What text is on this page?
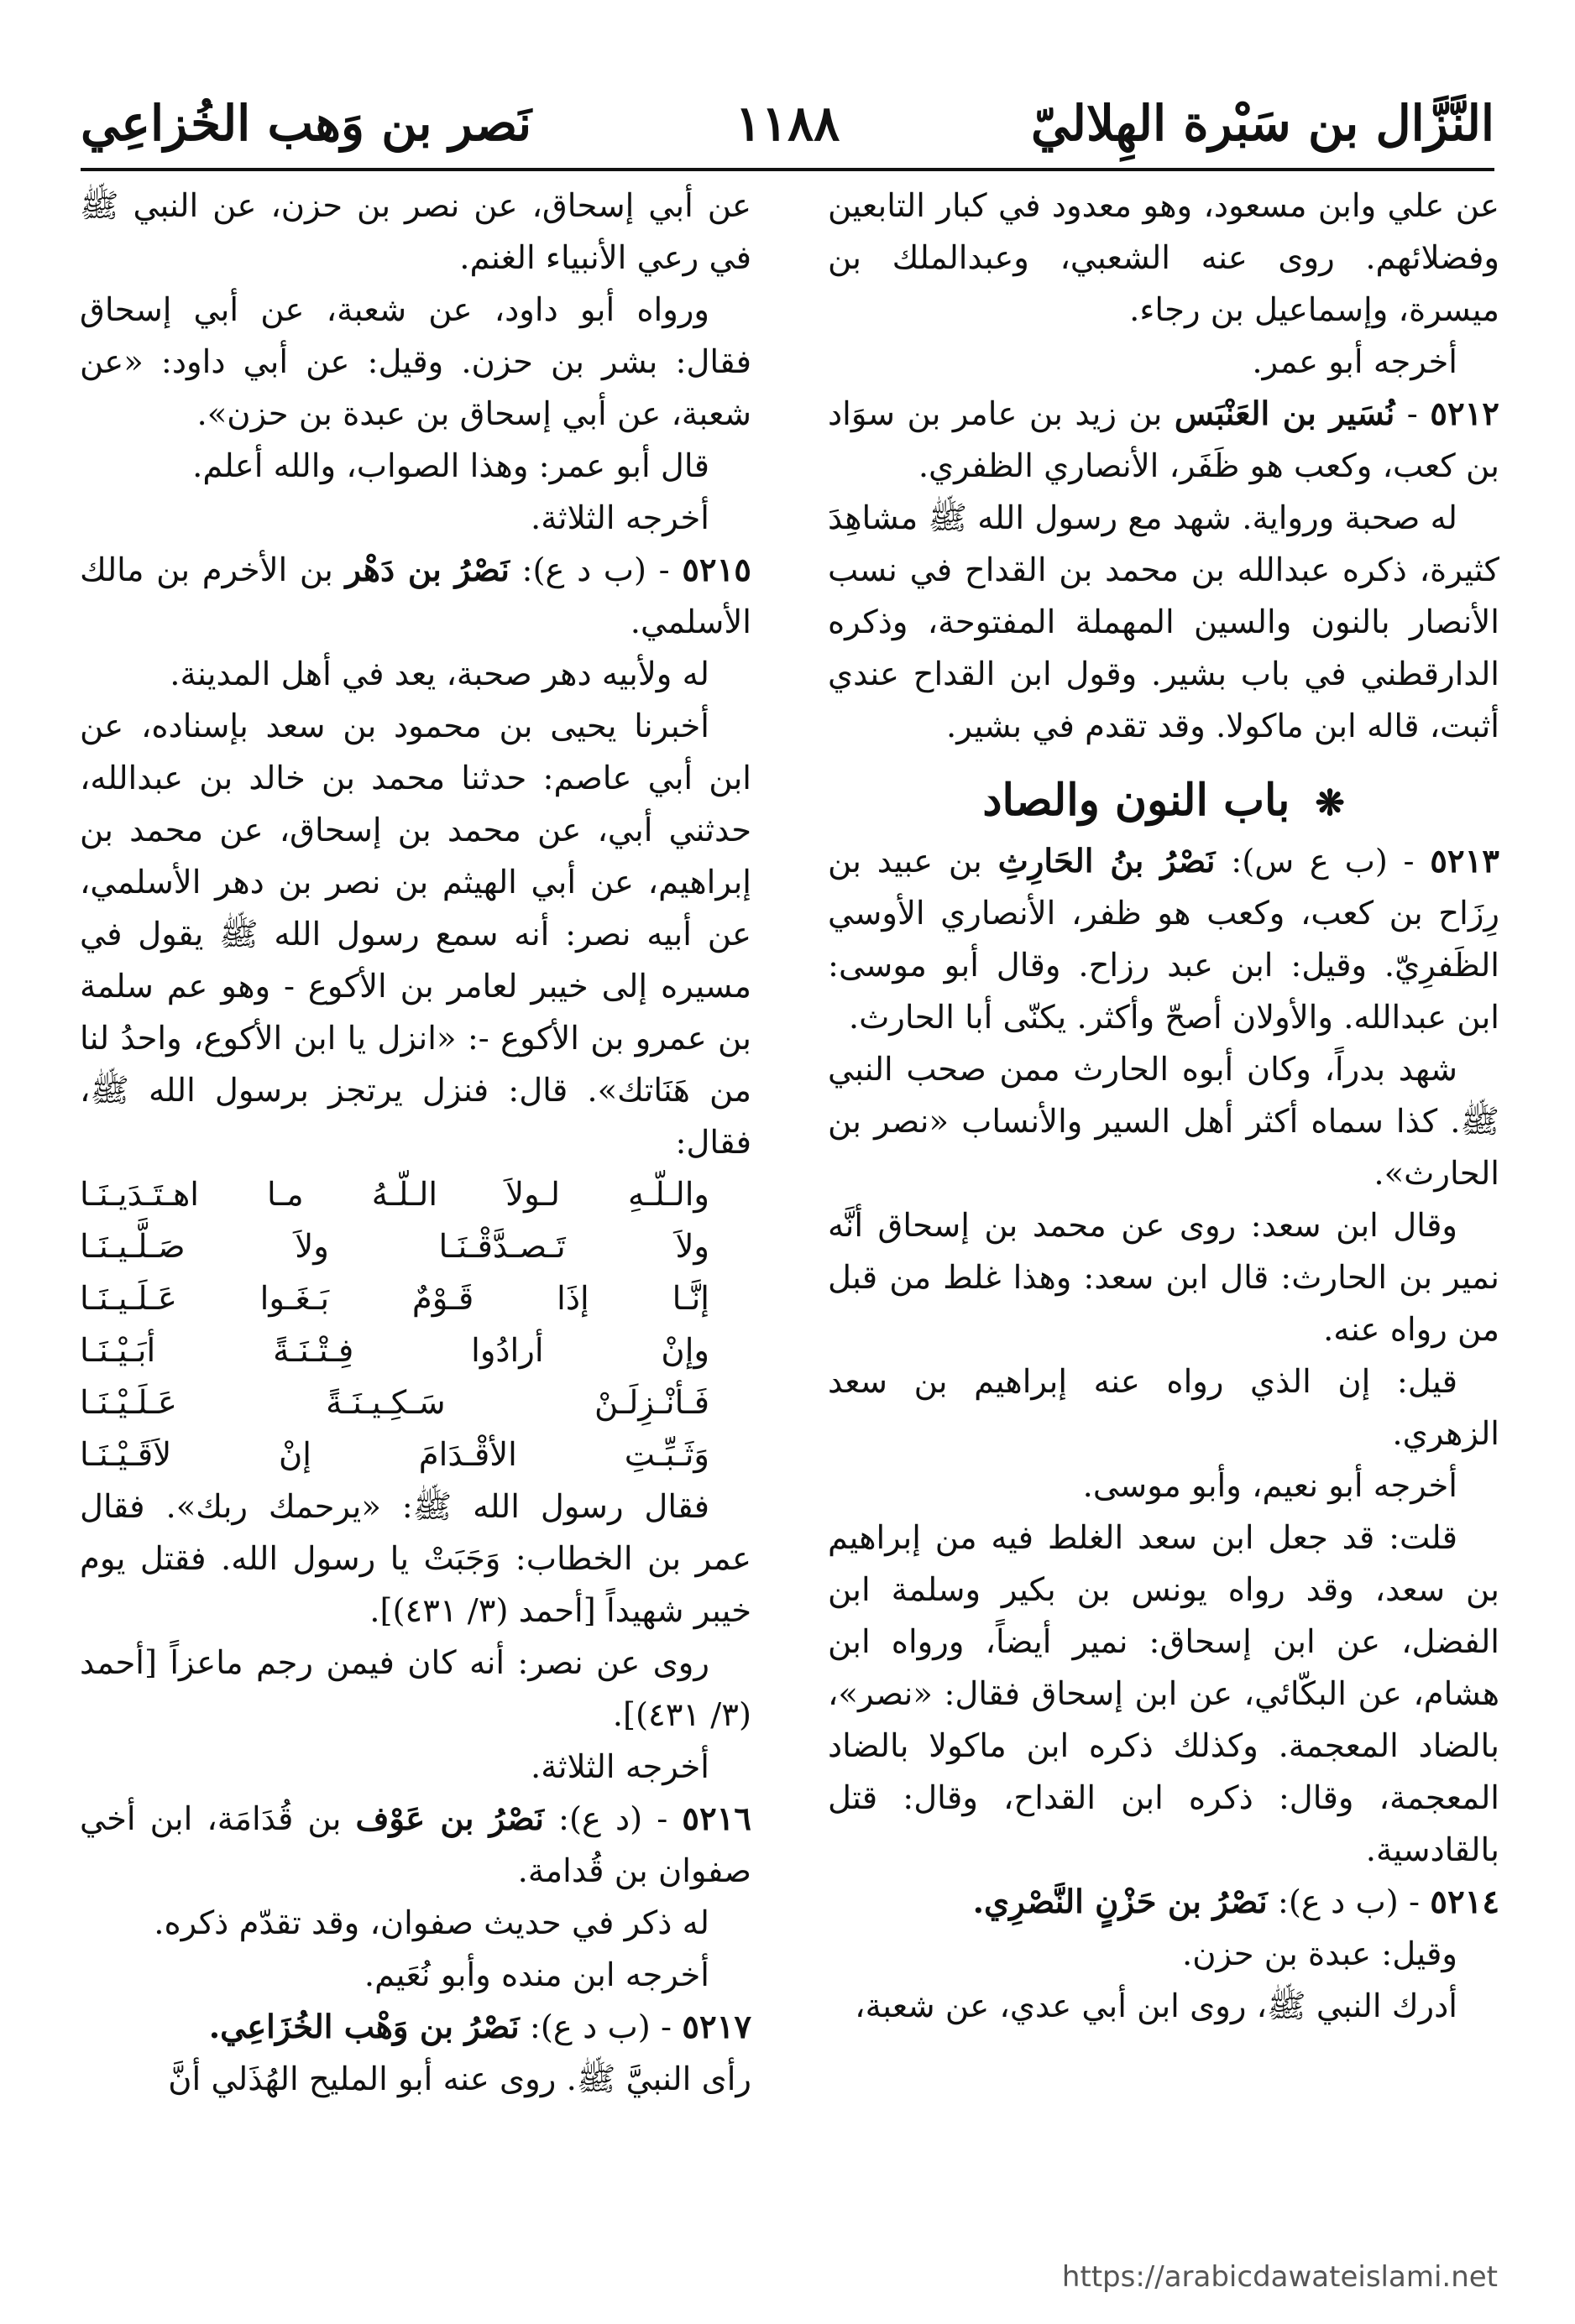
النَّزَّال بن سَبْرة الهِلاليّ
١١٨٨
نَصر بن وَهب الخُزاعِي

عن علي وابن مسعود، وهو معدود في كبار التابعين وفضلائهم. روى عنه الشعبي، وعبدالملك بن ميسرة، وإسماعيل بن رجاء.

أخرجه أبو عمر.

٥٢١٢ - نُسَير بن العَنْبَس بن زيد بن عامر بن سوَاد بن كعب، وكعب هو ظَفَر، الأنصاري الظفري.

له صحبة ورواية. شهد مع رسول الله ﷺ مشاهِدَ كثيرة، ذكره عبدالله بن محمد بن القداح في نسب الأنصار بالنون والسين المهملة المفتوحة، وذكره الدارقطني في باب بشير. وقول ابن القداح عندي أثبت، قاله ابن ماكولا. وقد تقدم في بشير.

❋ باب النون والصاد

٥٢١٣ - (ب ع س): نَصْرُ بنُ الحَارِثِ بن عبيد بن رِزَاح بن كعب، وكعب هو ظفر، الأنصاري الأوسي الظَفرِيّ. وقيل: ابن عبد رزاح. وقال أبو موسى: ابن عبدالله. والأولان أصحّ وأكثر. يكنّى أبا الحارث.

شهد بدراً، وكان أبوه الحارث ممن صحب النبي ﷺ. كذا سماه أكثر أهل السير والأنساب «نصر بن الحارث».

وقال ابن سعد: روى عن محمد بن إسحاق أنَّه نمير بن الحارث: قال ابن سعد: وهذا غلط من قبل من رواه عنه.

قيل: إن الذي رواه عنه إبراهيم بن سعد الزهري.

أخرجه أبو نعيم، وأبو موسى.

قلت: قد جعل ابن سعد الغلط فيه من إبراهيم بن سعد، وقد رواه يونس بن بكير وسلمة ابن الفضل، عن ابن إسحاق: نمير أيضاً، ورواه ابن هشام، عن البكّائي، عن ابن إسحاق فقال: «نصر»، بالضاد المعجمة. وكذلك ذكره ابن ماكولا بالضاد المعجمة، وقال: ذكره ابن القداح، وقال: قتل بالقادسية.

٥٢١٤ - (ب د ع): نَصْرُ بن حَزْنٍ النَّصْرِي.

وقيل: عبدة بن حزن.

أدرك النبي ﷺ، روى ابن أبي عدي، عن شعبة،

عن أبي إسحاق، عن نصر بن حزن، عن النبي ﷺ في رعي الأنبياء الغنم.

ورواه أبو داود، عن شعبة، عن أبي إسحاق فقال: بشر بن حزن. وقيل: عن أبي داود: «عن شعبة، عن أبي إسحاق بن عبدة بن حزن».

قال أبو عمر: وهذا الصواب، والله أعلم.

أخرجه الثلاثة.

٥٢١٥ - (ب د ع): نَصْرُ بن دَهْر بن الأخرم بن مالك الأسلمي.

له ولأبيه دهر صحبة، يعد في أهل المدينة.

أخبرنا يحيى بن محمود بن سعد بإسناده، عن ابن أبي عاصم: حدثنا محمد بن خالد بن عبدالله، حدثني أبي، عن محمد بن إسحاق، عن محمد بن إبراهيم، عن أبي الهيثم بن نصر بن دهر الأسلمي، عن أبيه نصر: أنه سمع رسول الله ﷺ يقول في مسيره إلى خيبر لعامر بن الأكوع - وهو عم سلمة بن عمرو بن الأكوع -: «انزل يا ابن الأكوع، واحدُ لنا من هَنَاتك». قال: فنزل يرتجز برسول الله ﷺ، فقال:

والـلّـهِ لـولاَ الـلّـهُ مـا اهـتَـدَيـنَـا

ولاَ تَـصـدَّقْـنَـا ولاَ صَـلَّـيـنَـا

إنَّـا إذَا قَـوْمٌ بَـغَـوا عَـلَـيـنَـا

وإنْ أرادُوا فِـتْـنَـةً أبَـيْـنَـا

فَـأنْـزِلَـنْ سَـكِـيـنَـةً عَـلَـيْـنَـا

وَثَـبِّـتِ الأقْـدَامَ إنْ لاَقَـيْـنَـا

فقال رسول الله ﷺ: «يرحمك ربك». فقال عمر بن الخطاب: وَجَبَتْ يا رسول الله. فقتل يوم خيبر شهيداً [أحمد (٣/ ٤٣١)].

روى عن نصر: أنه كان فيمن رجم ماعزاً [أحمد (٣/ ٤٣١)].

أخرجه الثلاثة.

٥٢١٦ - (د ع): نَصْرُ بن عَوْف بن قُدَامَة، ابن أخي صفوان بن قُدامة.

له ذكر في حديث صفوان، وقد تقدّم ذكره.

أخرجه ابن منده وأبو نُعَيم.

٥٢١٧ - (ب د ع): نَصْرُ بن وَهْب الخُزَاعِي.

رأى النبيَّ ﷺ. روى عنه أبو المليح الهُذَلي أنَّ

https://arabicdawateislami.net
